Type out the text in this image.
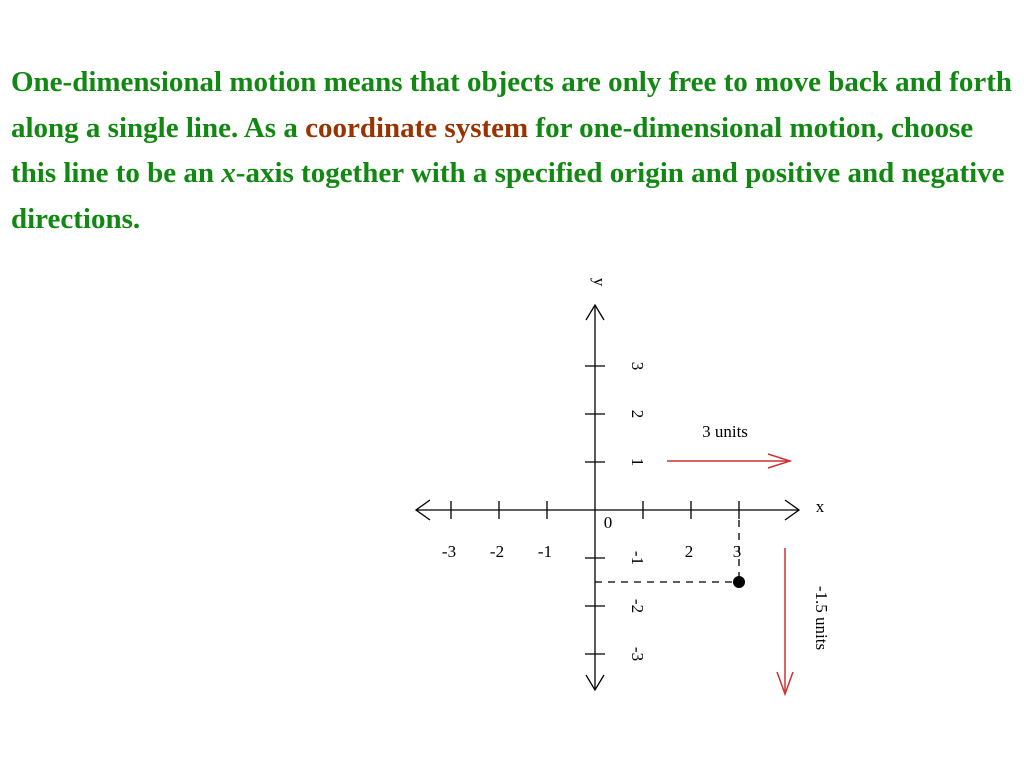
One-dimensional motion means that objects are only free to move back and forth along a single line. As a coordinate system for one-dimensional motion, choose this line to be an x-axis together with a specified origin and positive and negative directions.

-3 -2 -1	2 3
3
2
1
-1
-2
-3
x
y
0
3 units
-1.5 units
